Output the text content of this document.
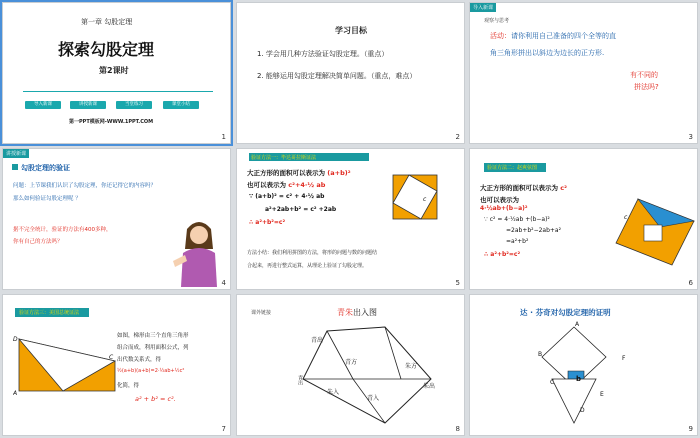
第一章 勾股定理
探索勾股定理
第2课时
导入新课	讲授新课	当堂练习	课堂小结
第一PPT模板网-WWW.1PPT.COM
1
学习目标
1. 学会用几种方法验证勾股定理。（重点）
2. 能够运用勾股定理解决简单问题。（重点，难点）
2
导入新课
观察与思考
活动：请你利用自己准备的四个全等的直
角三角形拼出以斜边为边长的正方形.
有不同的
拼法吗?
3
讲授新课
勾股定理的验证
问题：上节课我们认识了勾股定理，你还记得它的内容吗？
那么如何验证勾股定理呢 ？
据不完全统计，验证的方法有400多种，
你有自己的方法吗？
4
验证方法一：毕达哥拉斯证法
大正方形的面积可以表示为 (a+b)²
也可以表示为 c²+4·½ ab
∵ (a+b)² = c² + 4·½ ab
a²+2ab+b² = c² +2ab
∴ a²+b²=c²
c
方法小结：我们利用拼图的方法，将形的问题与数的问题结
合起来，再进行整式运算，从理论上验证了勾股定理。
5
验证方法二：赵爽弦图
大正方形的面积可以表示为 c²
也可以表示为
4·½ab+(b−a)²
∵ c² = 4·½ab +(b−a)²
=2ab+b²−2ab+a²
=a²+b²
∴ a²+b²=c²
c
6
验证方法三：美国总统证法
D
A
C
如图，梯形由三个直角三角形
组合而成，利用面积公式，列
出代数关系式，得
½(a+b)(a+b)=2·½ab+½c²
化简，得
a² + b² = c².
7
课外链接	青朱出入图
青出
青方
朱方
青出
朱入
青入
朱出
8
达 · 芬奇对勾股定理的证明
b
A
B
C
D
E
F
9
